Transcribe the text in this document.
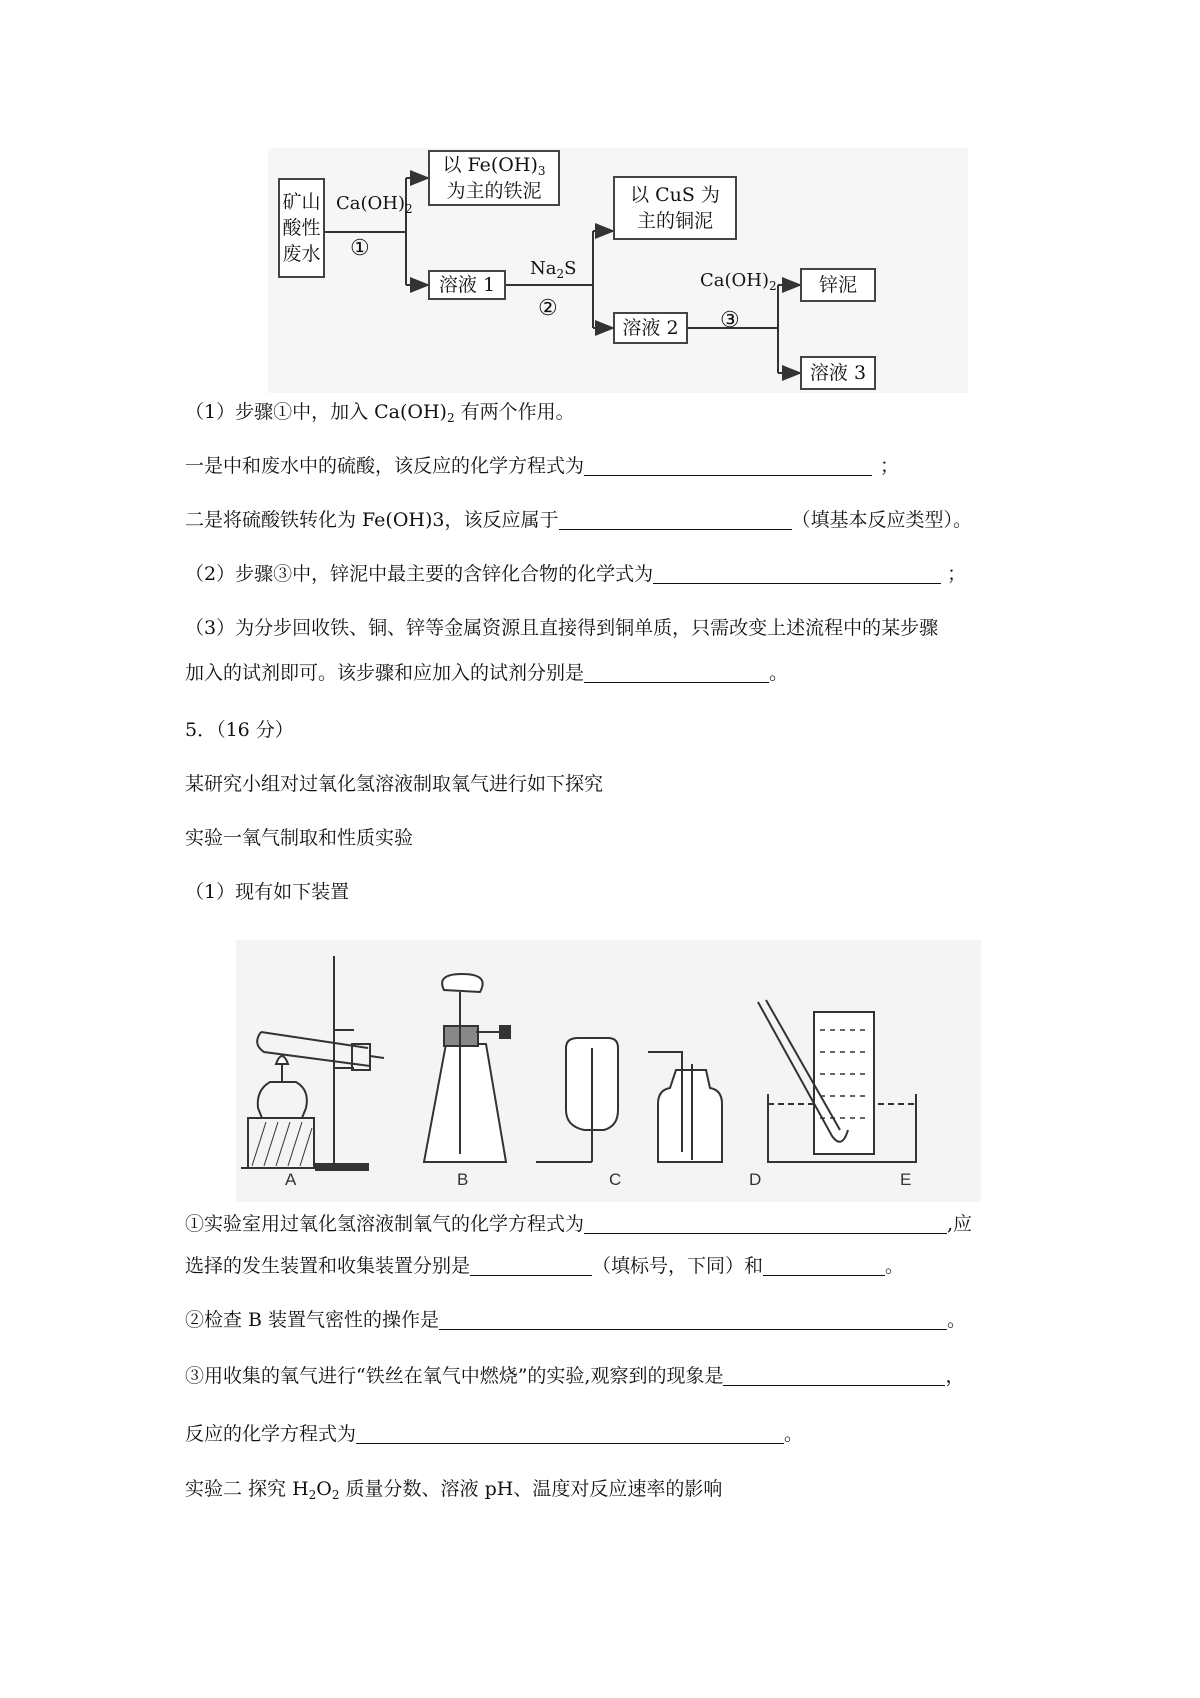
矿山
酸性
废水
$Ca(OH)_2$
①
以 $Fe(OH)_3$
为主的铁泥
溶液 1
$Na_2S$
②
以 CuS 为
主的铜泥
溶液 2
$Ca(OH)_2$
③
锌泥
溶液 3
（1）步骤①中，加入 $Ca(OH)_2$ 有两个作用。
一是中和废水中的硫酸，该反应的化学方程式为	；
二是将硫酸铁转化为 Fe(OH)3，该反应属于	（填基本反应类型）。
（2）步骤③中，锌泥中最主要的含锌化合物的化学式为	；
（3）为分步回收铁、铜、锌等金属资源且直接得到铜单质，只需改变上述流程中的某步骤
加入的试剂即可。该步骤和应加入的试剂分别是	。
5．（16 分）
某研究小组对过氧化氢溶液制取氧气进行如下探究
实验一氧气制取和性质实验
（1）现有如下装置
A	B	C	D	E
①实验室用过氧化氢溶液制氧气的化学方程式为	,应
选择的发生装置和收集装置分别是	（填标号，下同）和	。
②检查 B 装置气密性的操作是	。
③用收集的氧气进行“铁丝在氧气中燃烧”的实验,观察到的现象是	，
反应的化学方程式为	。
实验二 探究 $H_2O_2$ 质量分数、溶液 pH、温度对反应速率的影响
